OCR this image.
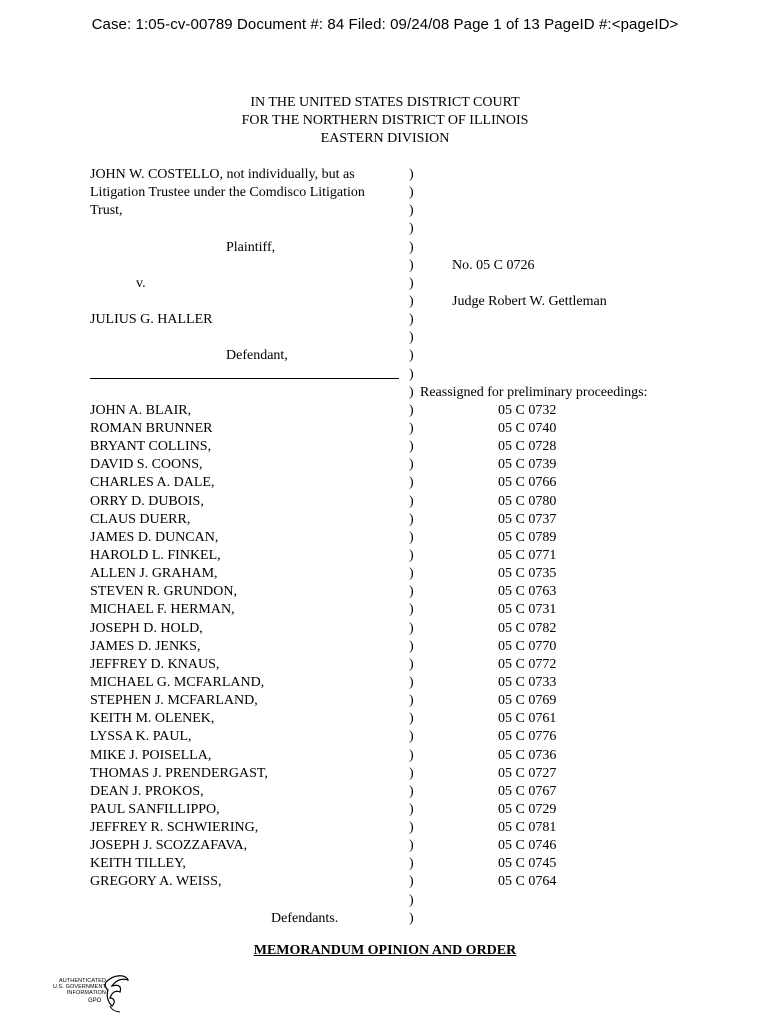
Case: 1:05-cv-00789 Document #: 84 Filed: 09/24/08 Page 1 of 13 PageID #:<pageID>
IN THE UNITED STATES DISTRICT COURT
FOR THE NORTHERN DISTRICT OF ILLINOIS
EASTERN DIVISION
JOHN W. COSTELLO, not individually, but as	)
Litigation Trustee under the Comdisco Litigation	)
Trust,	)
)
Plaintiff,	)
)	No. 05 C 0726
v.	)
)	Judge Robert W. Gettleman
JULIUS G. HALLER	)
)
Defendant,	)
)
) Reassigned for preliminary proceedings:
JOHN A. BLAIR,	)	05 C 0732
ROMAN BRUNNER	)	05 C 0740
BRYANT COLLINS,	)	05 C 0728
DAVID S. COONS,	)	05 C 0739
CHARLES A. DALE,	)	05 C 0766
ORRY D. DUBOIS,	)	05 C 0780
CLAUS DUERR,	)	05 C 0737
JAMES D. DUNCAN,	)	05 C 0789
HAROLD L. FINKEL,	)	05 C 0771
ALLEN J. GRAHAM,	)	05 C 0735
STEVEN R. GRUNDON,	)	05 C 0763
MICHAEL F. HERMAN,	)	05 C 0731
JOSEPH D. HOLD,	)	05 C 0782
JAMES D. JENKS,	)	05 C 0770
JEFFREY D. KNAUS,	)	05 C 0772
MICHAEL G. MCFARLAND,	)	05 C 0733
STEPHEN J. MCFARLAND,	)	05 C 0769
KEITH M. OLENEK,	)	05 C 0761
LYSSA K. PAUL,	)	05 C 0776
MIKE J. POISELLA,	)	05 C 0736
THOMAS J. PRENDERGAST,	)	05 C 0727
DEAN J. PROKOS,	)	05 C 0767
PAUL SANFILLIPPO,	)	05 C 0729
JEFFREY R. SCHWIERING,	)	05 C 0781
JOSEPH J. SCOZZAFAVA,	)	05 C 0746
KEITH TILLEY,	)	05 C 0745
GREGORY A. WEISS,	)	05 C 0764
)
Defendants.	)
MEMORANDUM OPINION AND ORDER
AUTHENTICATED
U.S. GOVERNMENT
INFORMATION
GPO
